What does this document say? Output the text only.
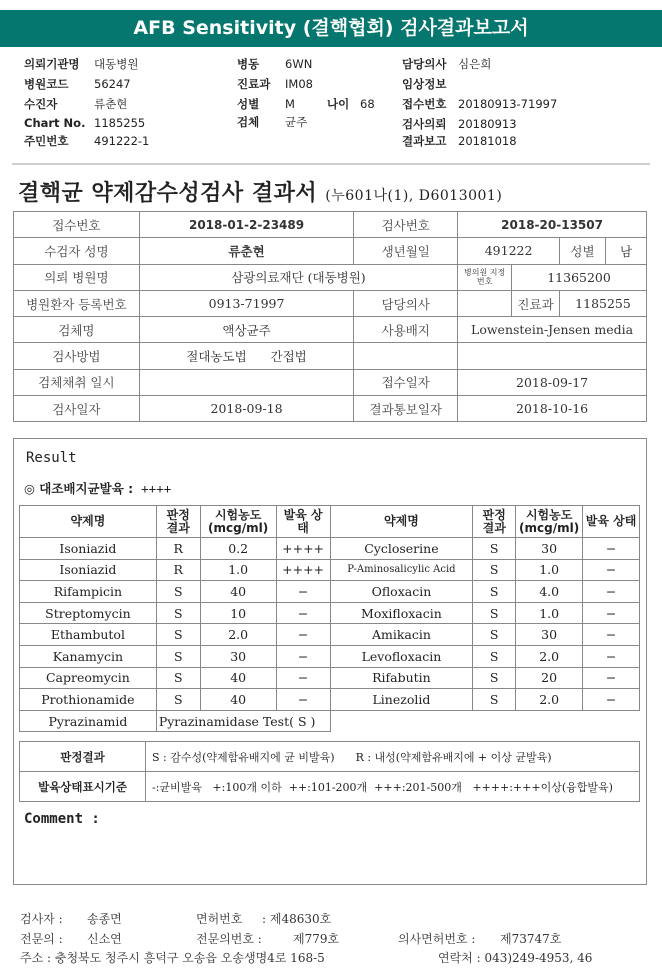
AFB Sensitivity (결핵협회) 검사결과보고서
의뢰기관명 대동병원
병원코드 56247
수진자	류춘현
Chart No. 1185255
주민번호 491222-1
병동 6WN
진료과 IM08
성별 M	나이 68
검체 균주
담당의사 심은희
임상정보
접수번호 20180913-71997
검사의뢰 20180913
결과보고 20181018
결핵균 약제감수성검사 결과서 (누601나(1), D6013001)
접수번호	2018-01-2-23489	검사번호	2018-20-13507			
수검자 성명	류춘현	생년월일	491222		성별	남
의뢰 병원명	삼광의료재단 (대동병원)		병의원 지정번호	11365200		
병원환자 등록번호	0913-71997	담당의사		진료과	1185255	
검체명	액상균주	사용배지	Lowenstein-Jensen media			
검사방법	절대농도법 간접법					
검체채취 일시		접수일자	2018-09-17			
검사일자	2018-09-18	결과통보일자	2018-10-16			
Result
◎ 대조배지균발육 : ++++
약제명	판정 결과	시험농도 (mcg/ml)	발육 상태	약제명	판정 결과	시험농도 (mcg/ml)	발육 상태
Isoniazid	R	0.2	++++	Cycloserine	S	30	−
Isoniazid	R	1.0	++++	P-Aminosalicylic Acid	S	1.0	−
Rifampicin	S	40	−	Ofloxacin	S	4.0	−
Streptomycin	S	10	−	Moxifloxacin	S	1.0	−
Ethambutol	S	2.0	−	Amikacin	S	30	−
Kanamycin	S	30	−	Levofloxacin	S	2.0	−
Capreomycin	S	40	−	Rifabutin	S	20	−
Prothionamide	S	40	−	Linezolid	S	2.0	−
Pyrazinamid	Pyrazinamidase Test( S )						
판정결과	S : 감수성(약제함유배지에 균 비발육) R : 내성(약제함유배지에 + 이상 균발육)
발육상태표시기준	-:균비발육   +:100개 이하  ++:101-200개  +++:201-500개   ++++:+++이상(융합발육)
Comment :
검사자 : 송종면	면허번호 : 제48630호
전문의 : 신소연	전문의번호 :	제779호	의사면허번호 : 제73747호
주소 : 충청북도 청주시 흥덕구 오송읍 오송생명4로 168-5	연락처 : 043)249-4953, 46
